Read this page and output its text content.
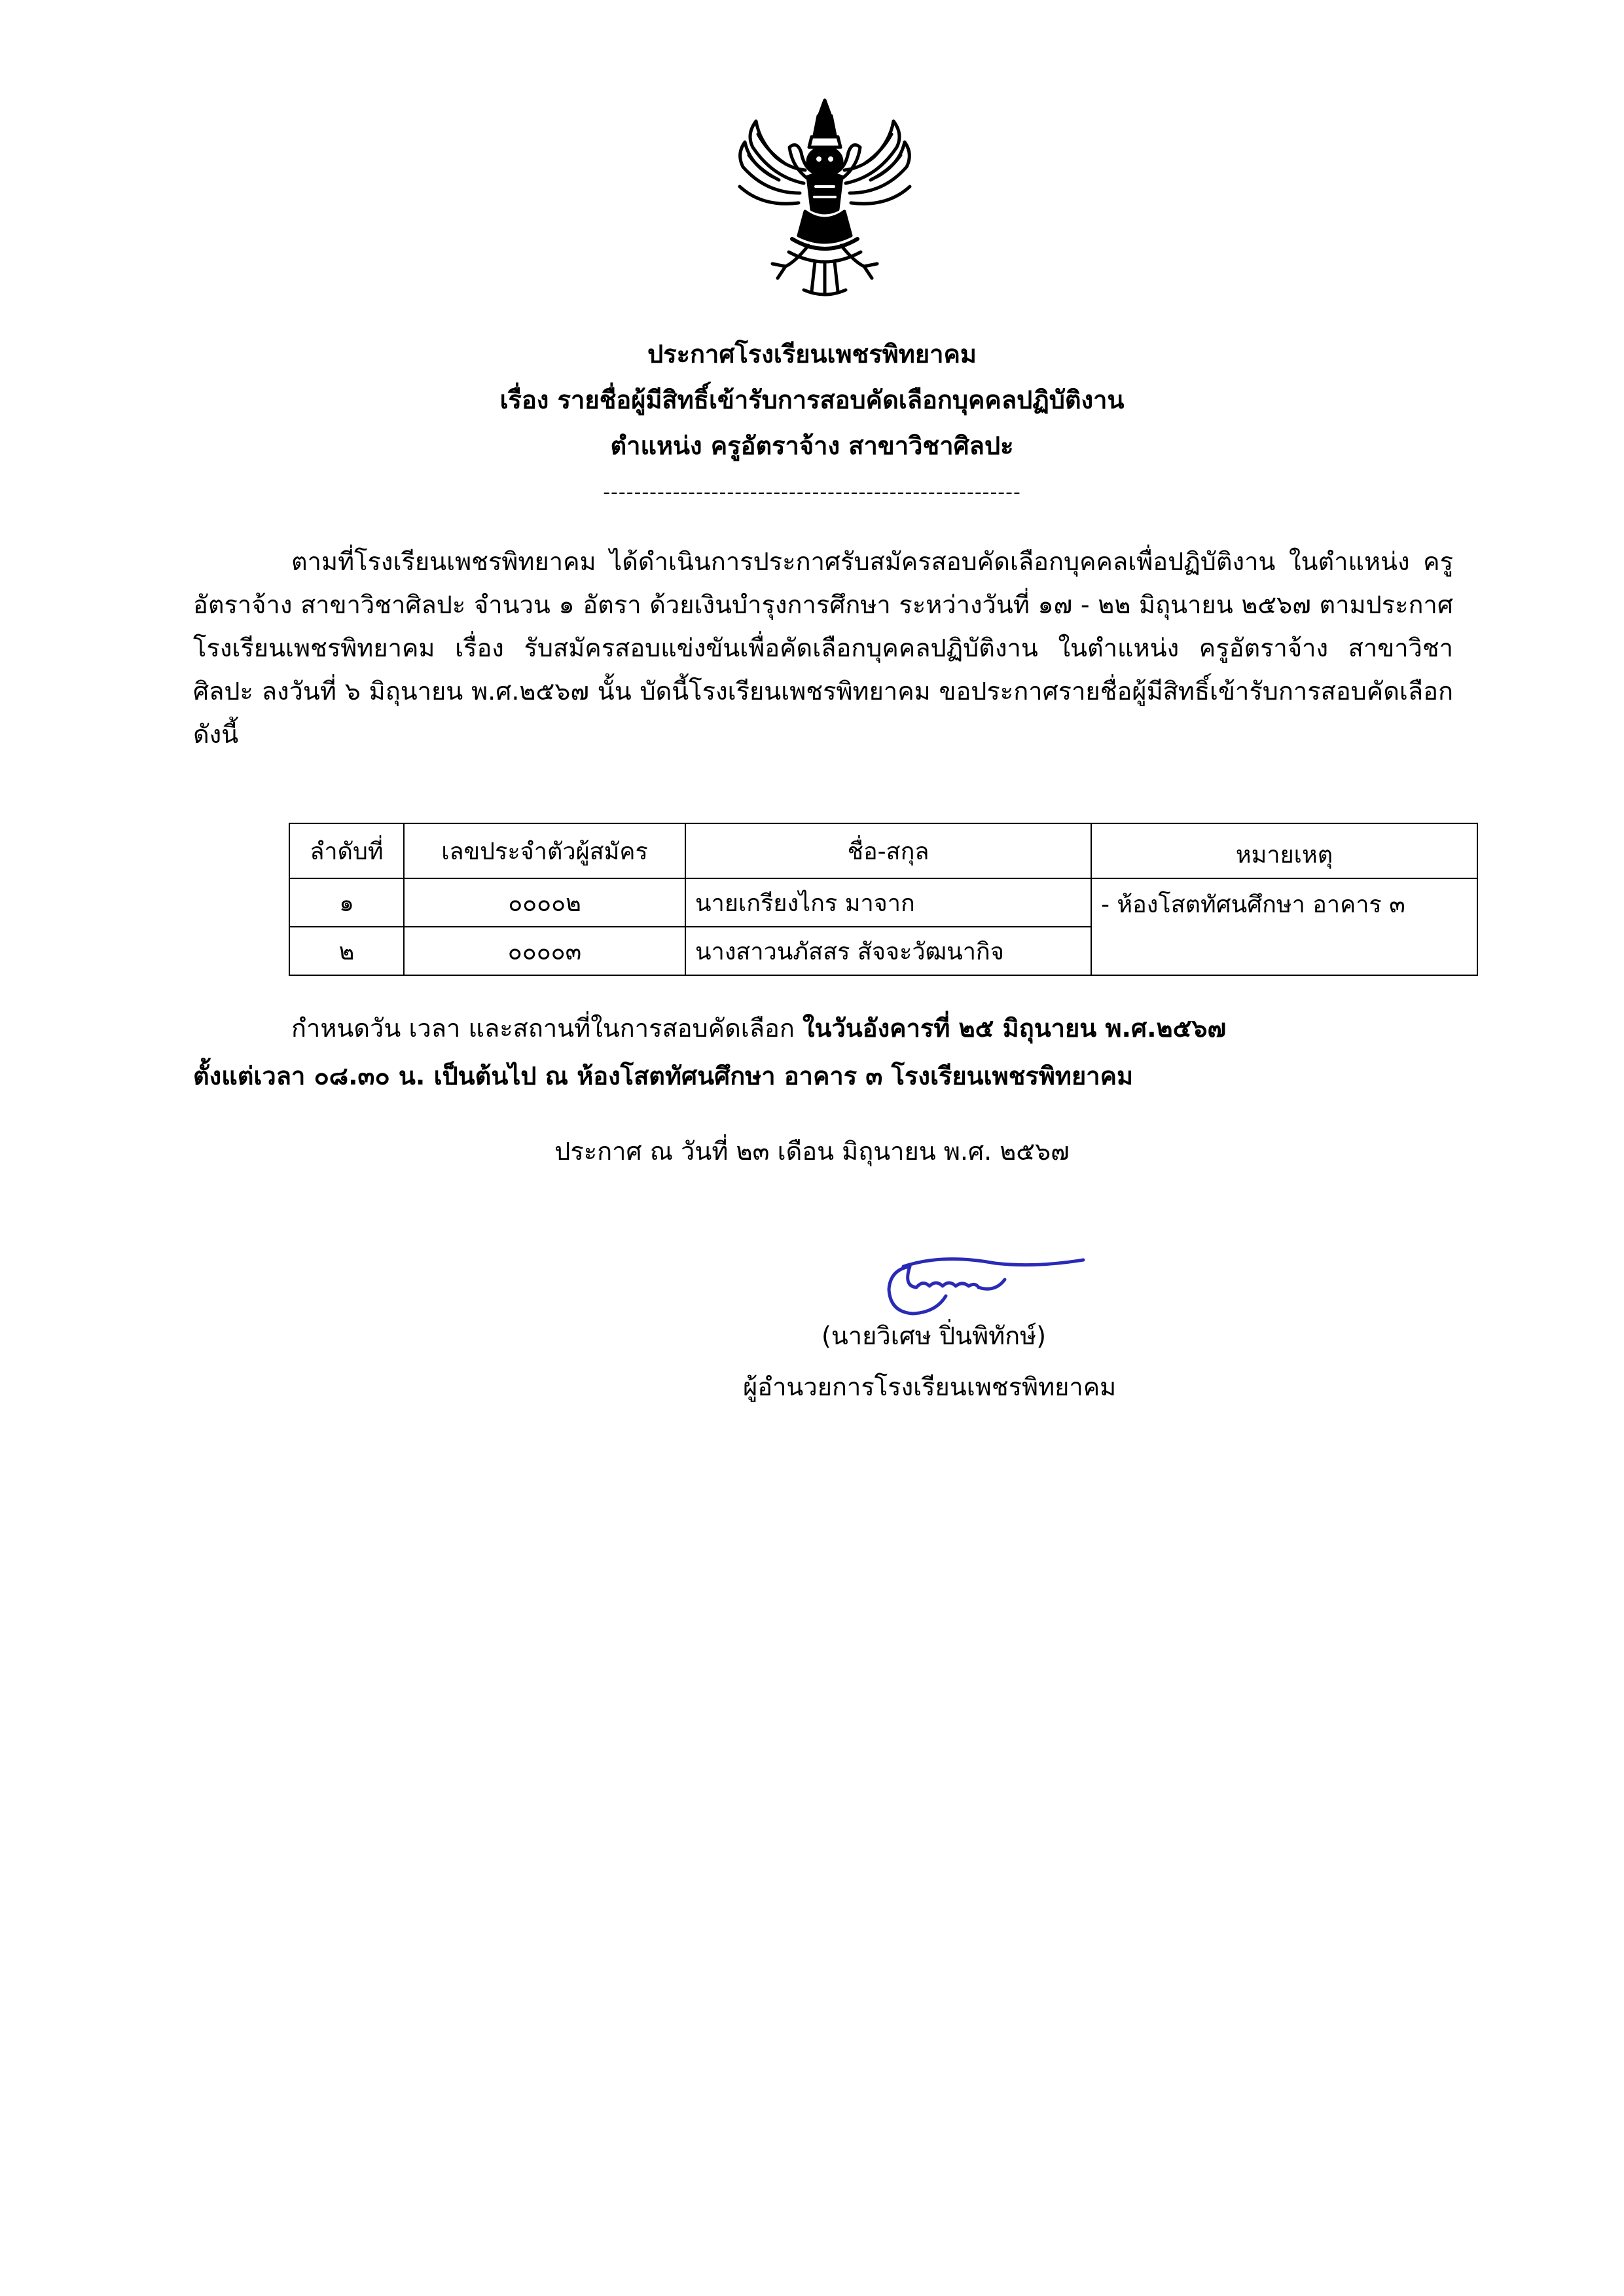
ประกาศโรงเรียนเพชรพิทยาคม
เรื่อง รายชื่อผู้มีสิทธิ์เข้ารับการสอบคัดเลือกบุคคลปฏิบัติงาน
ตำแหน่ง ครูอัตราจ้าง สาขาวิชาศิลปะ
------------------------------------------------------
ตามที่โรงเรียนเพชรพิทยาคม ได้ดำเนินการประกาศรับสมัครสอบคัดเลือกบุคคลเพื่อปฏิบัติงาน ในตำแหน่ง ครูอัตราจ้าง สาขาวิชาศิลปะ จำนวน ๑ อัตรา ด้วยเงินบำรุงการศึกษา ระหว่างวันที่ ๑๗ - ๒๒ มิถุนายน ๒๕๖๗ ตามประกาศโรงเรียนเพชรพิทยาคม เรื่อง รับสมัครสอบแข่งขันเพื่อคัดเลือกบุคคลปฏิบัติงาน ในตำแหน่ง ครูอัตราจ้าง สาขาวิชา ศิลปะ ลงวันที่ ๖ มิถุนายน พ.ศ.๒๕๖๗ นั้น บัดนี้โรงเรียนเพชรพิทยาคม ขอประกาศรายชื่อผู้มีสิทธิ์เข้ารับการสอบคัดเลือก ดังนี้
ลำดับที่	เลขประจำตัวผู้สมัคร	ชื่อ-สกุล	หมายเหตุ
๑	๐๐๐๐๒	นายเกรียงไกร มาจาก	- ห้องโสตทัศนศึกษา อาคาร ๓
๒	๐๐๐๐๓	นางสาวนภัสสร สัจจะวัฒนากิจ	
กำหนดวัน เวลา และสถานที่ในการสอบคัดเลือก ในวันอังคารที่ ๒๕ มิถุนายน พ.ศ.๒๕๖๗
ตั้งแต่เวลา ๐๘.๓๐ น. เป็นต้นไป ณ ห้องโสตทัศนศึกษา อาคาร ๓ โรงเรียนเพชรพิทยาคม
ประกาศ ณ วันที่ ๒๓ เดือน มิถุนายน พ.ศ. ๒๕๖๗
(นายวิเศษ ปิ่นพิทักษ์)
ผู้อำนวยการโรงเรียนเพชรพิทยาคม
